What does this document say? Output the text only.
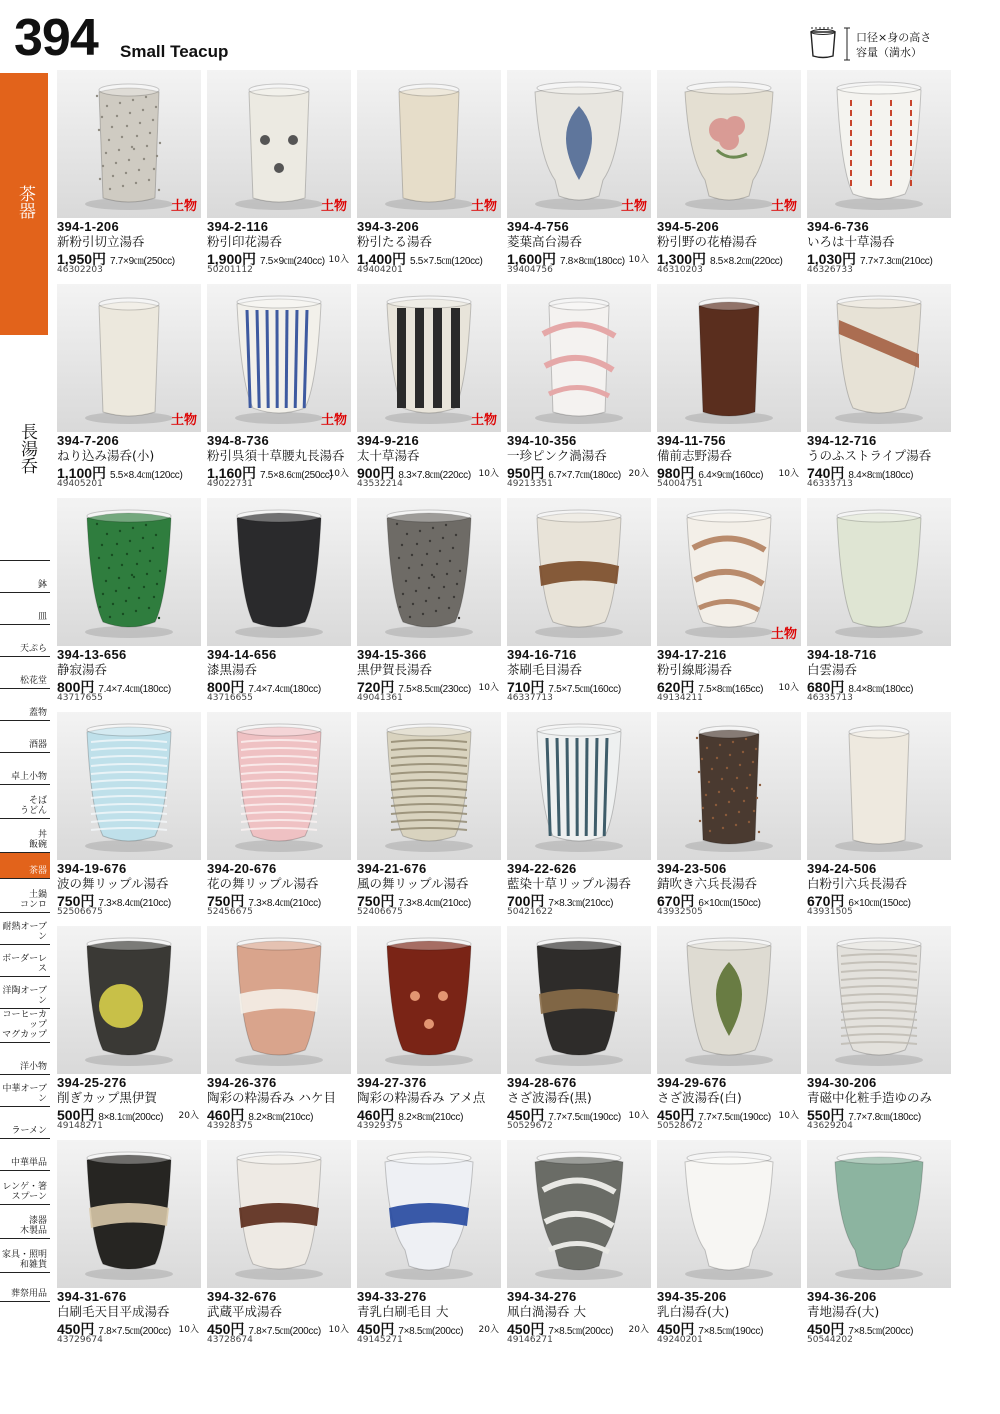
394 Small Teacup
口径×身の高さ
容量（満水）
茶器
長湯呑
鉢
皿
天ぷら
松花堂
蓋物
酒器
卓上小物
そば
うどん
丼
飯碗
茶器
土鍋
コンロ
耐熱オーブン
ボーダーレス
洋陶オーブン
コーヒーカップ
マグカップ
洋小物
中華オーブン
ラーメン
中華単品
レンゲ・箸
スプーン
漆器
木製品
家具・照明
和雑貨
葬祭用品
土物
394-1-206
新粉引切立湯呑
1,950円 7.7×9㎝(250cc)
46302203
土物
394-2-116
粉引印花湯呑
1,900円 7.5×9㎝(240cc) 10入
50201112
土物
394-3-206
粉引たる湯呑
1,400円 5.5×7.5㎝(120cc)
49404201
土物
394-4-756
菱葉高台湯呑
1,600円 7.8×8㎝(180cc) 10入
39404756
土物
394-5-206
粉引野の花椿湯呑
1,300円 8.5×8.2㎝(220cc)
46310203
394-6-736
いろは十草湯呑
1,030円 7.7×7.3㎝(210cc)
46326733
土物
394-7-206
ねり込み湯呑(小)
1,100円 5.5×8.4㎝(120cc)
49405201
土物
394-8-736
粉引呉須十草腰丸長湯呑
1,160円 7.5×8.6㎝(250cc)
10入
49022731
土物
394-9-216
太十草湯呑
900円 8.3×7.8㎝(220cc) 10入
43532214
394-10-356
一珍ピンク渦湯呑
950円 6.7×7.7㎝(180cc) 20入
49213351
394-11-756
備前志野湯呑
980円 6.4×9㎝(160cc) 10入
54004751
394-12-716
うのふストライプ湯呑
740円 8.4×8㎝(180cc)
46333713
394-13-656
静寂湯呑
800円 7.4×7.4㎝(180cc)
43717655
394-14-656
漆黒湯呑
800円 7.4×7.4㎝(180cc)
43716655
394-15-366
黒伊賀長湯呑
720円 7.5×8.5㎝(230cc) 10入
49041361
394-16-716
茶刷毛目湯呑
710円 7.5×7.5㎝(160cc)
46337713
土物
394-17-216
粉引線彫湯呑
620円 7.5×8㎝(165cc) 10入
49134211
394-18-716
白雲湯呑
680円 8.4×8㎝(180cc)
46335713
394-19-676
波の舞リップル湯呑
750円 7.3×8.4㎝(210cc)
52506675
394-20-676
花の舞リップル湯呑
750円 7.3×8.4㎝(210cc)
52456675
394-21-676
風の舞リップル湯呑
750円 7.3×8.4㎝(210cc)
52406675
394-22-626
藍染十草リップル湯呑
700円 7×8.3㎝(210cc)
50421622
394-23-506
錆吹き六兵長湯呑
670円 6×10㎝(150cc)
43932505
394-24-506
白粉引六兵長湯呑
670円 6×10㎝(150cc)
43931505
394-25-276
削ぎカップ黒伊賀
500円 8×8.1㎝(200cc) 20入
49148271
394-26-376
陶彩の粋湯呑み ハケ目
460円 8.2×8㎝(210cc)
43928375
394-27-376
陶彩の粋湯呑み アメ点
460円 8.2×8㎝(210cc)
43929375
394-28-676
さざ波湯呑(黒)
450円 7.7×7.5㎝(190cc) 10入
50529672
394-29-676
さざ波湯呑(白)
450円 7.7×7.5㎝(190cc) 10入
50528672
394-30-206
青磁中化粧手造ゆのみ
550円 7.7×7.8㎝(180cc)
43629204
394-31-676
白刷毛天目平成湯呑
450円 7.8×7.5㎝(200cc) 10入
43729674
394-32-676
武蔵平成湯呑
450円 7.8×7.5㎝(200cc) 10入
43728674
394-33-276
青乳白刷毛目 大
450円 7×8.5㎝(200cc) 20入
49145271
394-34-276
凧白渦湯呑 大
450円 7×8.5㎝(200cc) 20入
49146271
394-35-206
乳白湯呑(大)
450円 7×8.5㎝(190cc)
49240201
394-36-206
青地湯呑(大)
450円 7×8.5㎝(200cc)
50544202
